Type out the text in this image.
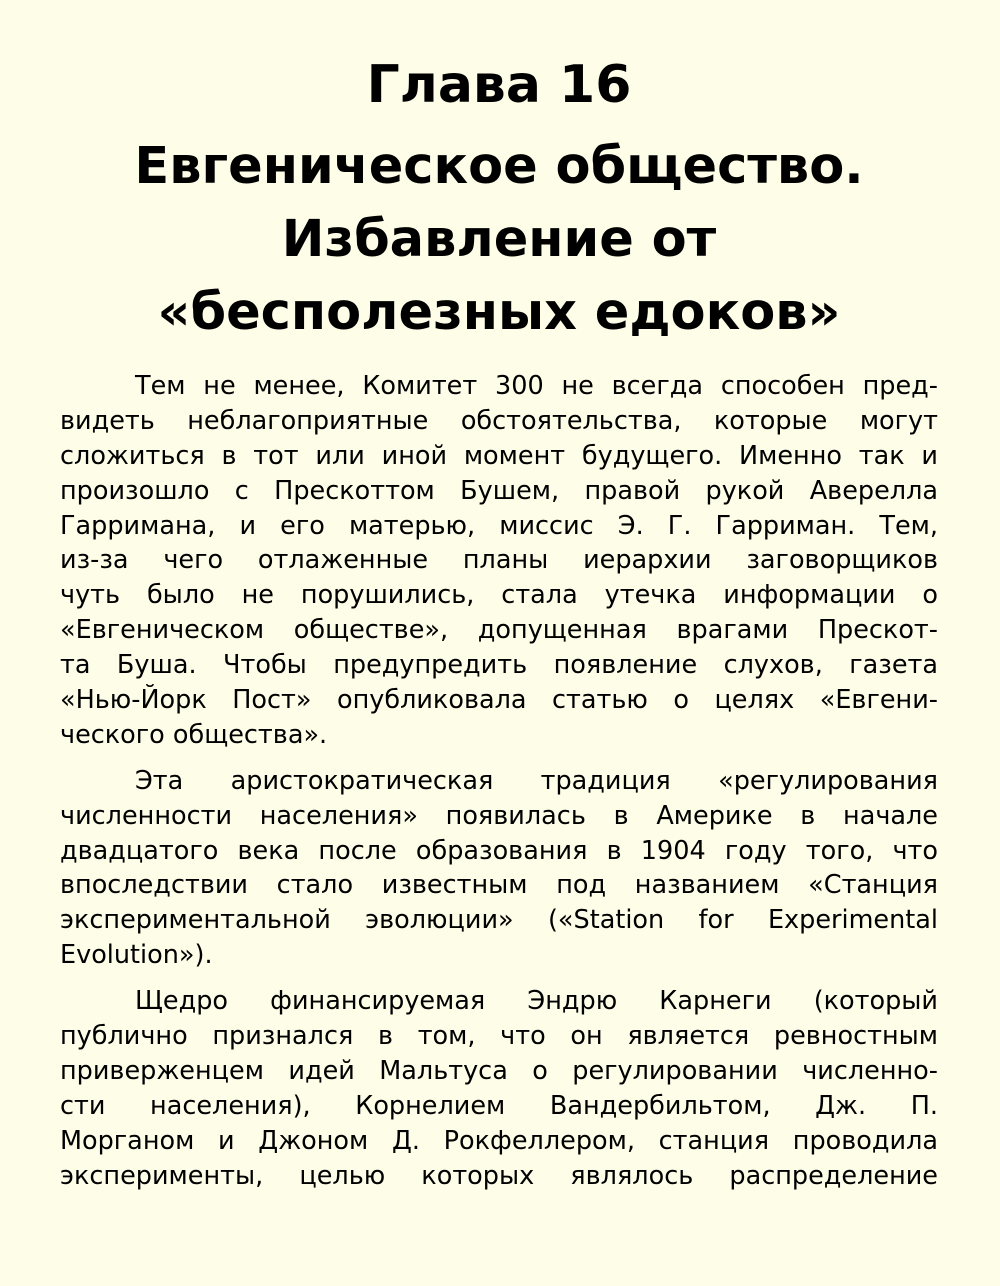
Глава 16
Евгеническое общество.
Избавление от
«бесполезных едоков»
Тем не менее, Комитет 300 не всегда способен пред-
видеть неблагоприятные обстоятельства, которые могут
сложиться в тот или иной момент будущего. Именно так и
произошло с Прескоттом Бушем, правой рукой Аверелла
Гарримана, и его матерью, миссис Э. Г. Гарриман. Тем,
из-за чего отлаженные планы иерархии заговорщиков
чуть было не порушились, стала утечка информации о
«Евгеническом обществе», допущенная врагами Прескот-
та Буша. Чтобы предупредить появление слухов, газета
«Нью-Йорк Пост» опубликовала статью о целях «Евгени-
ческого общества».
Эта аристократическая традиция «регулирования
численности населения» появилась в Америке в начале
двадцатого века после образования в 1904 году того, что
впоследствии стало известным под названием «Станция
экспериментальной эволюции» («Station for Experimental
Evolution»).
Щедро финансируемая Эндрю Карнеги (который
публично признался в том, что он является ревностным
приверженцем идей Мальтуса о регулировании численно-
сти населения), Корнелием Вандербильтом, Дж. П.
Морганом и Джоном Д. Рокфеллером, станция проводила
эксперименты, целью которых являлось распределение
